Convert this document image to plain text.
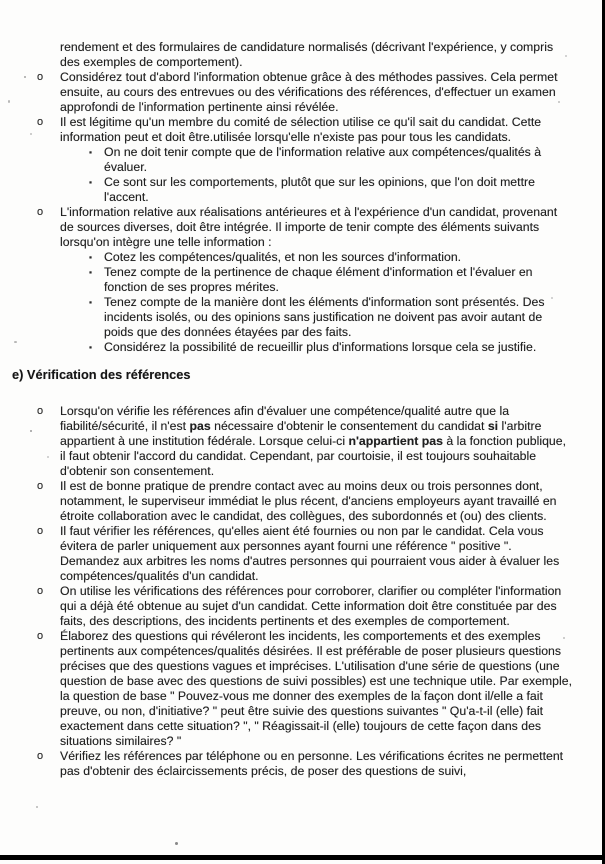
rendement et des formulaires de candidature normalisés (décrivant l'expérience, y compris des exemples de comportement).

o Considérez tout d'abord l'information obtenue grâce à des méthodes passives. Cela permet ensuite, au cours des entrevues ou des vérifications des références, d'effectuer un examen approfondi de l'information pertinente ainsi révélée.

o Il est légitime qu'un membre du comité de sélection utilise ce qu'il sait du candidat. Cette information peut et doit être.utilisée lorsqu'elle n'existe pas pour tous les candidats.

▪ On ne doit tenir compte que de l'information relative aux compétences/qualités à évaluer.

▪ Ce sont sur les comportements, plutôt que sur les opinions, que l'on doit mettre l'accent.

o L'information relative aux réalisations antérieures et à l'expérience d'un candidat, provenant de sources diverses, doit être intégrée. Il importe de tenir compte des éléments suivants lorsqu'on intègre une telle information :

▪ Cotez les compétences/qualités, et non les sources d'information.

▪ Tenez compte de la pertinence de chaque élément d'information et l'évaluer en fonction de ses propres mérites.

▪ Tenez compte de la manière dont les éléments d'information sont présentés. Des incidents isolés, ou des opinions sans justification ne doivent pas avoir autant de poids que des données étayées par des faits.

▪ Considérez la possibilité de recueillir plus d'informations lorsque cela se justifie.

e) Vérification des références
o Lorsqu'on vérifie les références afin d'évaluer une compétence/qualité autre que la fiabilité/sécurité, il n'est pas nécessaire d'obtenir le consentement du candidat si l'arbitre appartient à une institution fédérale. Lorsque celui-ci n'appartient pas à la fonction publique, il faut obtenir l'accord du candidat. Cependant, par courtoisie, il est toujours souhaitable d'obtenir son consentement.

o Il est de bonne pratique de prendre contact avec au moins deux ou trois personnes dont, notamment, le superviseur immédiat le plus récent, d'anciens employeurs ayant travaillé en étroite collaboration avec le candidat, des collègues, des subordonnés et (ou) des clients.

o Il faut vérifier les références, qu'elles aient été fournies ou non par le candidat. Cela vous évitera de parler uniquement aux personnes ayant fourni une référence " positive ". Demandez aux arbitres les noms d'autres personnes qui pourraient vous aider à évaluer les compétences/qualités d'un candidat.

o On utilise les vérifications des références pour corroborer, clarifier ou compléter l'information qui a déjà été obtenue au sujet d'un candidat. Cette information doit être constituée par des faits, des descriptions, des incidents pertinents et des exemples de comportement.

o Élaborez des questions qui révéleront les incidents, les comportements et des exemples pertinents aux compétences/qualités désirées. Il est préférable de poser plusieurs questions précises que des questions vagues et imprécises. L'utilisation d'une série de questions (une question de base avec des questions de suivi possibles) est une technique utile. Par exemple, la question de base " Pouvez-vous me donner des exemples de la façon dont il/elle a fait preuve, ou non, d'initiative? " peut être suivie des questions suivantes " Qu'a-t-il (elle) fait exactement dans cette situation? ", " Réagissait-il (elle) toujours de cette façon dans des situations similaires? "

o Vérifiez les références par téléphone ou en personne. Les vérifications écrites ne permettent pas d'obtenir des éclaircissements précis, de poser des questions de suivi,
